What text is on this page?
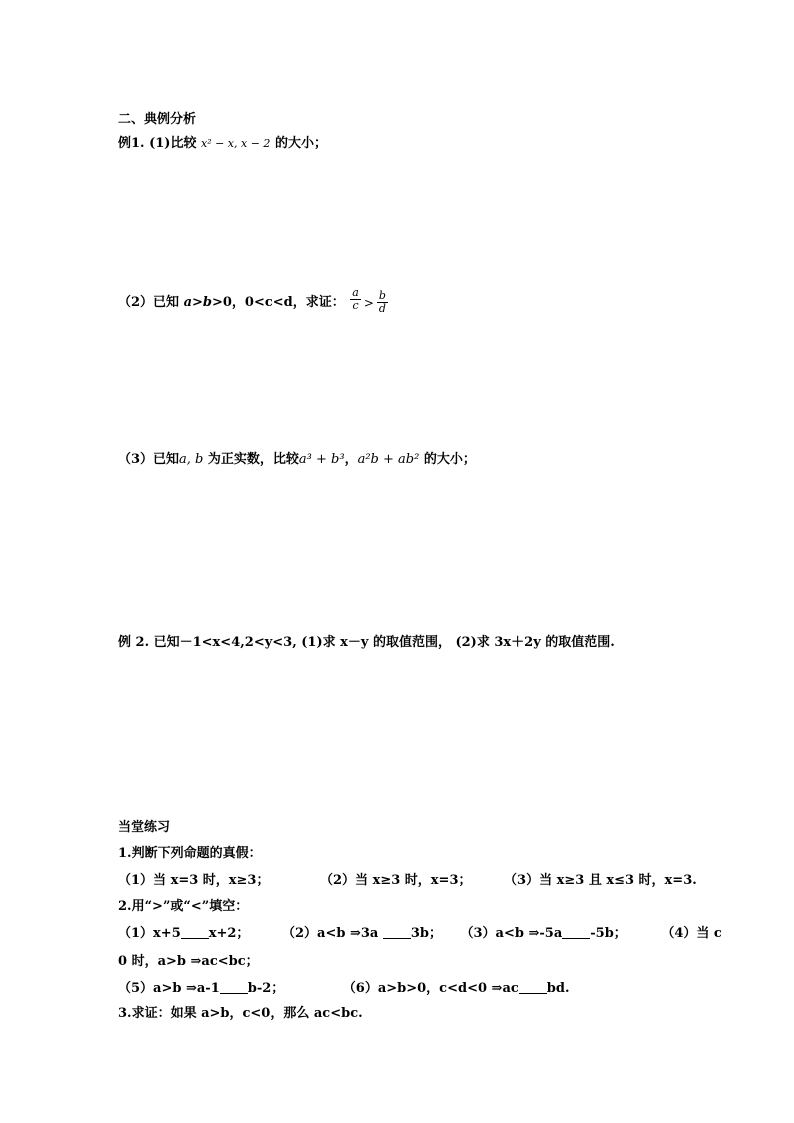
二、典例分析
例1. (1)比较 x² − x, x − 2 的大小；
（2）已知 a>b>0，0<c<d，求证： $\frac{a}{c} > \frac{b}{d}$
（3）已知a, b 为正实数，比较a³ + b³，a²b + ab² 的大小；
例 2. 已知－1<x<4,2<y<3, (1)求 x－y 的取值范围， (2)求 3x＋2y 的取值范围.
当堂练习
1.判断下列命题的真假：
（1）当 x=3 时，x≥3；	（2）当 x≥3 时，x=3；	（3）当 x≥3 且 x≤3 时，x=3.
2.用“>”或“<”填空：
（1）x+5 x+2；	（2）a<b ⇒3a 3b； （3）a<b ⇒-5a -5b；	（4）当 c
0 时，a>b ⇒ac<bc；
（5）a>b ⇒a-1 b-2；	（6）a>b>0，c<d<0 ⇒ac bd.
3.求证：如果 a>b，c<0，那么 ac<bc.
